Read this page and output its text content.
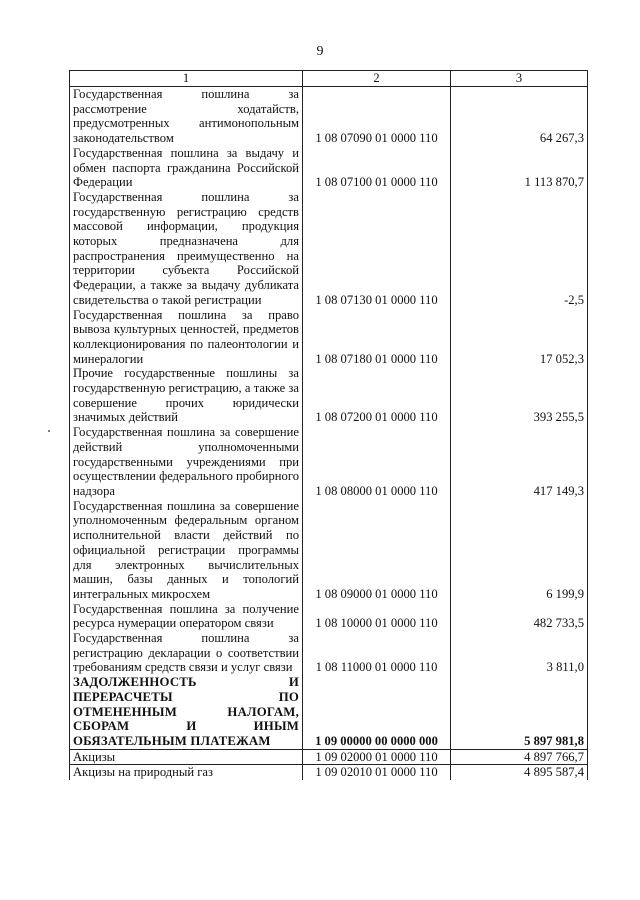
9
1	2	3
Государственная пошлина за рассмотрение ходатайств, предусмотренных антимонопольным законодательством	1 08 07090 01 0000 110	64 267,3
Государственная пошлина за выдачу и обмен паспорта гражданина Российской Федерации	1 08 07100 01 0000 110	1 113 870,7
Государственная пошлина за государственную регистрацию средств массовой информации, продукция которых предназначена для распространения преимущественно на территории субъекта Российской Федерации, а также за выдачу дубликата свидетельства о такой регистрации	1 08 07130 01 0000 110	-2,5
Государственная пошлина за право вывоза культурных ценностей, предметов коллекционирования по палеонтологии и минералогии	1 08 07180 01 0000 110	17 052,3
Прочие государственные пошлины за государственную регистрацию, а также за совершение прочих юридически значимых действий	1 08 07200 01 0000 110	393 255,5
Государственная пошлина за совершение действий уполномоченными государственными учреждениями при осуществлении федерального пробирного надзора	1 08 08000 01 0000 110	417 149,3
Государственная пошлина за совершение уполномоченным федеральным органом исполнительной власти действий по официальной регистрации программы для электронных вычислительных машин, базы данных и топологий интегральных микросхем	1 08 09000 01 0000 110	6 199,9
Государственная пошлина за получение ресурса нумерации оператором связи	1 08 10000 01 0000 110	482 733,5
Государственная пошлина за регистрацию декларации о соответствии требованиям средств связи и услуг связи	1 08 11000 01 0000 110	3 811,0
ЗАДОЛЖЕННОСТЬ И ПЕРЕРАСЧЕТЫ ПО ОТМЕНЕННЫМ НАЛОГАМ, СБОРАМ И ИНЫМ ОБЯЗАТЕЛЬНЫМ ПЛАТЕЖАМ	1 09 00000 00 0000 000	5 897 981,8
Акцизы	1 09 02000 01 0000 110	4 897 766,7
Акцизы на природный газ	1 09 02010 01 0000 110	4 895 587,4
